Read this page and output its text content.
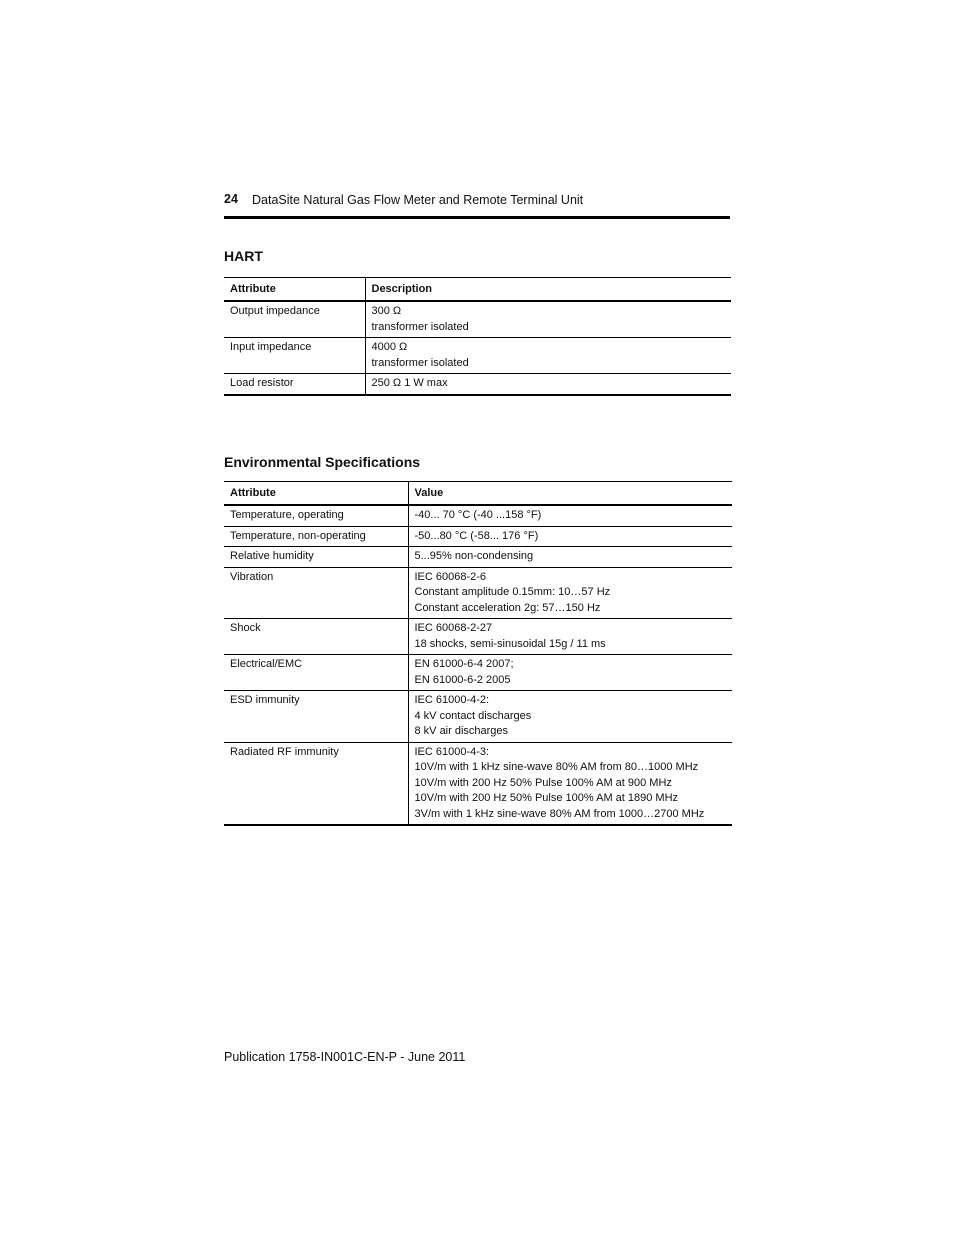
24 DataSite Natural Gas Flow Meter and Remote Terminal Unit
HART
Attribute	Description
Output impedance	300 Ω
transformer isolated

Input impedance	4000 Ω
transformer isolated

Load resistor	250 Ω 1 W max
Environmental Specifications
Attribute	Value
Temperature, operating	-40... 70 °C (-40 ...158 °F)

Temperature, non-operating	-50...80 °C (-58... 176 °F)

Relative humidity	5...95% non-condensing

Vibration	IEC 60068-2-6
Constant amplitude 0.15mm: 10…57 Hz
Constant acceleration 2g: 57…150 Hz

Shock	IEC 60068-2-27
18 shocks, semi-sinusoidal 15g / 11 ms

Electrical/EMC	EN 61000-6-4 2007;
EN 61000-6-2 2005

ESD immunity	IEC 61000-4-2:
4 kV contact discharges
8 kV air discharges

Radiated RF immunity	IEC 61000-4-3:
10V/m with 1 kHz sine-wave 80% AM from 80…1000 MHz
10V/m with 200 Hz 50% Pulse 100% AM at 900 MHz
10V/m with 200 Hz 50% Pulse 100% AM at 1890 MHz
3V/m with 1 kHz sine-wave 80% AM from 1000…2700 MHz
Publication 1758-IN001C-EN-P - June 2011
